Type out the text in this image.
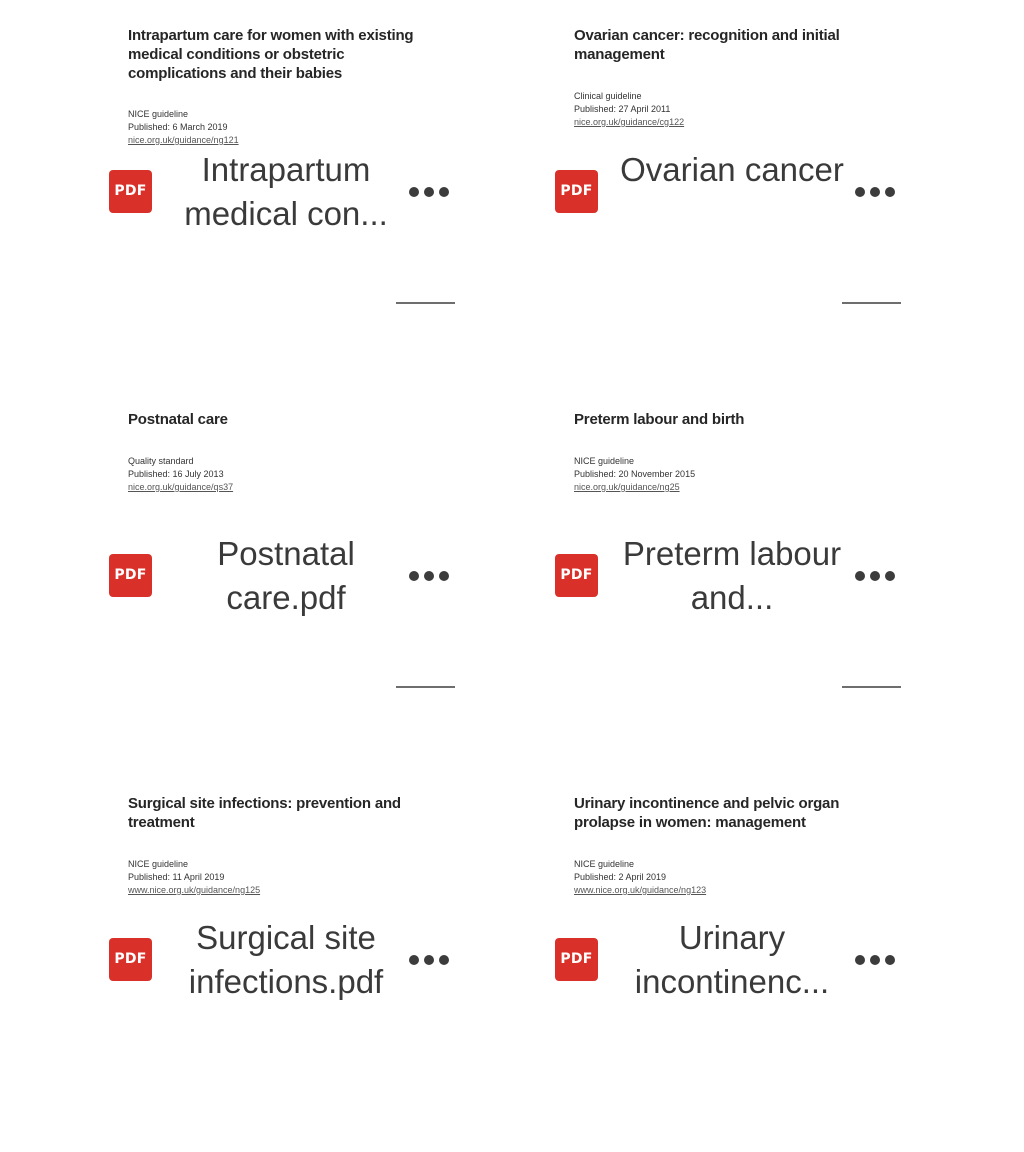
Intrapartum care for women with existing medical conditions or obstetric complications and their babies
NICE guideline
Published: 6 March 2019
nice.org.uk/guidance/ng121
PDF
Intrapartum medical con...
Ovarian cancer: recognition and initial management
Clinical guideline
Published: 27 April 2011
nice.org.uk/guidance/cg122
PDF
Ovarian cancer
Postnatal care
Quality standard
Published: 16 July 2013
nice.org.uk/guidance/qs37
PDF
Postnatal care.pdf
Preterm labour and birth
NICE guideline
Published: 20 November 2015
nice.org.uk/guidance/ng25
PDF
Preterm labour and...
Surgical site infections: prevention and treatment
NICE guideline
Published: 11 April 2019
www.nice.org.uk/guidance/ng125
PDF
Surgical site infections.pdf
Urinary incontinence and pelvic organ prolapse in women: management
NICE guideline
Published: 2 April 2019
www.nice.org.uk/guidance/ng123
PDF
Urinary incontinenc...
